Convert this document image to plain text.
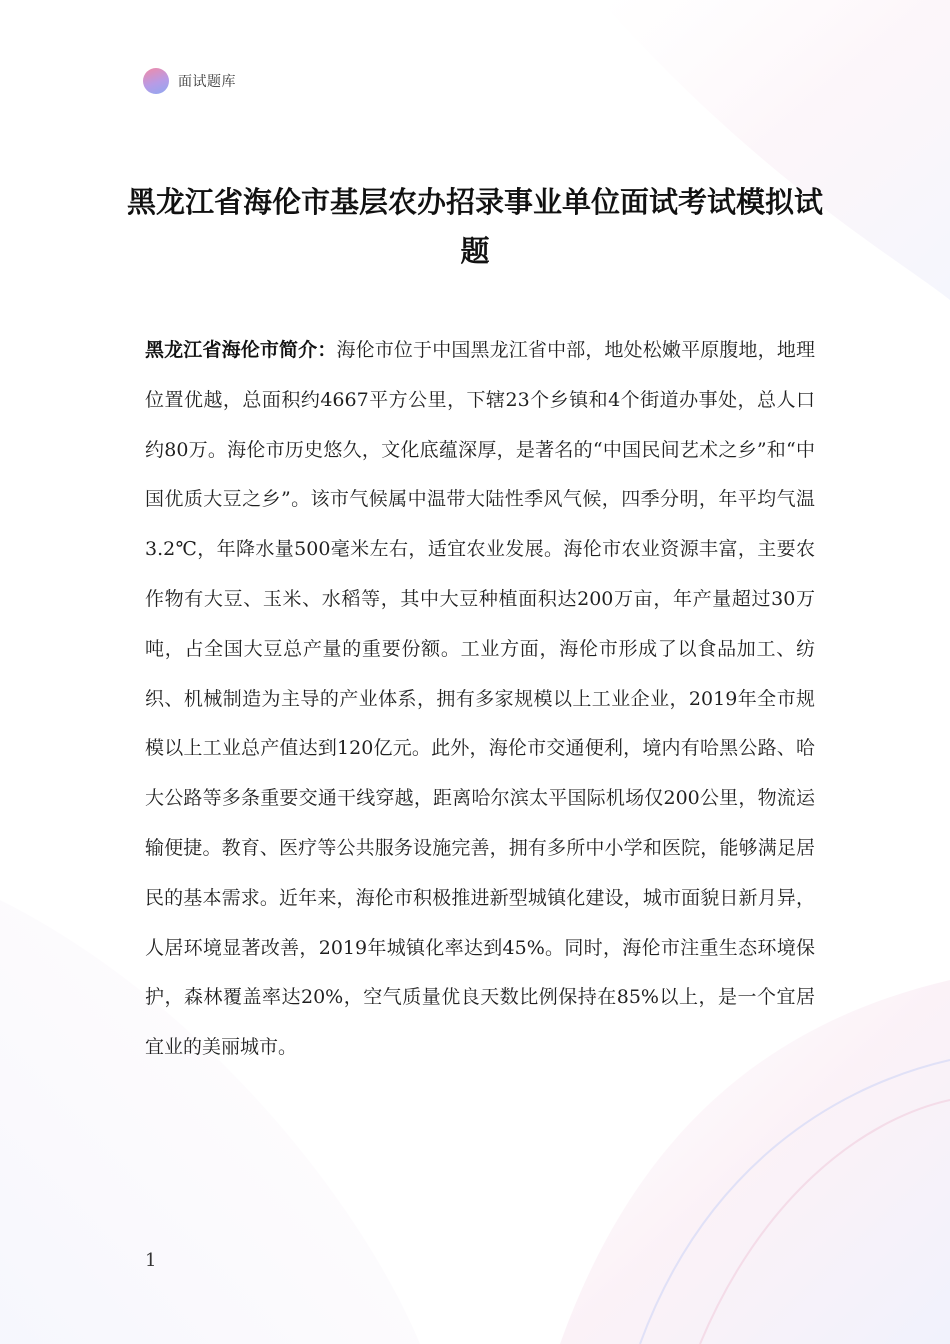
面试题库
黑龙江省海伦市基层农办招录事业单位面试考试模拟试题
黑龙江省海伦市简介：海伦市位于中国黑龙江省中部，地处松嫩平原腹地，地理位置优越，总面积约4667平方公里，下辖23个乡镇和4个街道办事处，总人口约80万。海伦市历史悠久，文化底蕴深厚，是著名的“中国民间艺术之乡”和“中国优质大豆之乡”。该市气候属中温带大陆性季风气候，四季分明，年平均气温3.2℃，年降水量500毫米左右，适宜农业发展。海伦市农业资源丰富，主要农作物有大豆、玉米、水稻等，其中大豆种植面积达200万亩，年产量超过30万吨，占全国大豆总产量的重要份额。工业方面，海伦市形成了以食品加工、纺织、机械制造为主导的产业体系，拥有多家规模以上工业企业，2019年全市规模以上工业总产值达到120亿元。此外，海伦市交通便利，境内有哈黑公路、哈大公路等多条重要交通干线穿越，距离哈尔滨太平国际机场仅200公里，物流运输便捷。教育、医疗等公共服务设施完善，拥有多所中小学和医院，能够满足居民的基本需求。近年来，海伦市积极推进新型城镇化建设，城市面貌日新月异，人居环境显著改善，2019年城镇化率达到45%。同时，海伦市注重生态环境保护，森林覆盖率达20%，空气质量优良天数比例保持在85%以上，是一个宜居宜业的美丽城市。
1
